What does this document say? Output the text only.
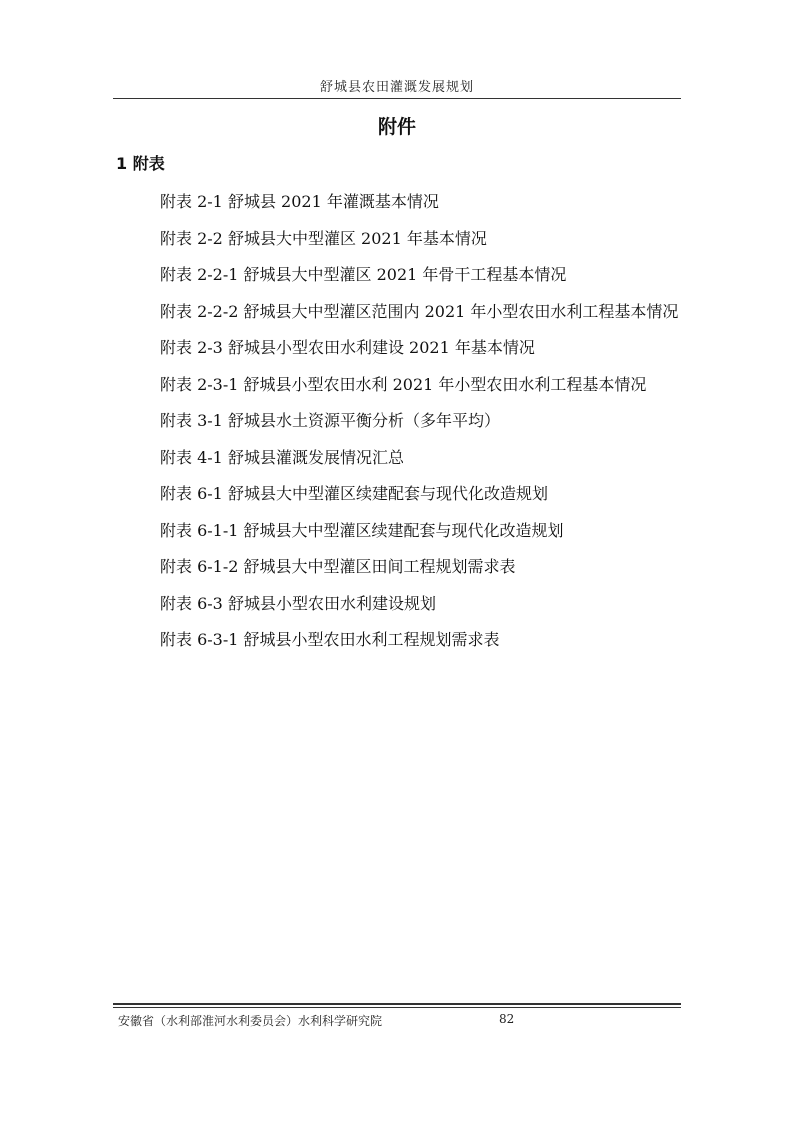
舒城县农田灌溉发展规划
附件
1 附表

附表 2-1 舒城县 2021 年灌溉基本情况

附表 2-2 舒城县大中型灌区 2021 年基本情况

附表 2-2-1 舒城县大中型灌区 2021 年骨干工程基本情况

附表 2-2-2 舒城县大中型灌区范围内 2021 年小型农田水利工程基本情况

附表 2-3 舒城县小型农田水利建设 2021 年基本情况

附表 2-3-1 舒城县小型农田水利 2021 年小型农田水利工程基本情况

附表 3-1 舒城县水土资源平衡分析（多年平均）

附表 4-1 舒城县灌溉发展情况汇总

附表 6-1 舒城县大中型灌区续建配套与现代化改造规划

附表 6-1-1 舒城县大中型灌区续建配套与现代化改造规划

附表 6-1-2 舒城县大中型灌区田间工程规划需求表

附表 6-3 舒城县小型农田水利建设规划

附表 6-3-1 舒城县小型农田水利工程规划需求表

安徽省（水利部淮河水利委员会）水利科学研究院	82
